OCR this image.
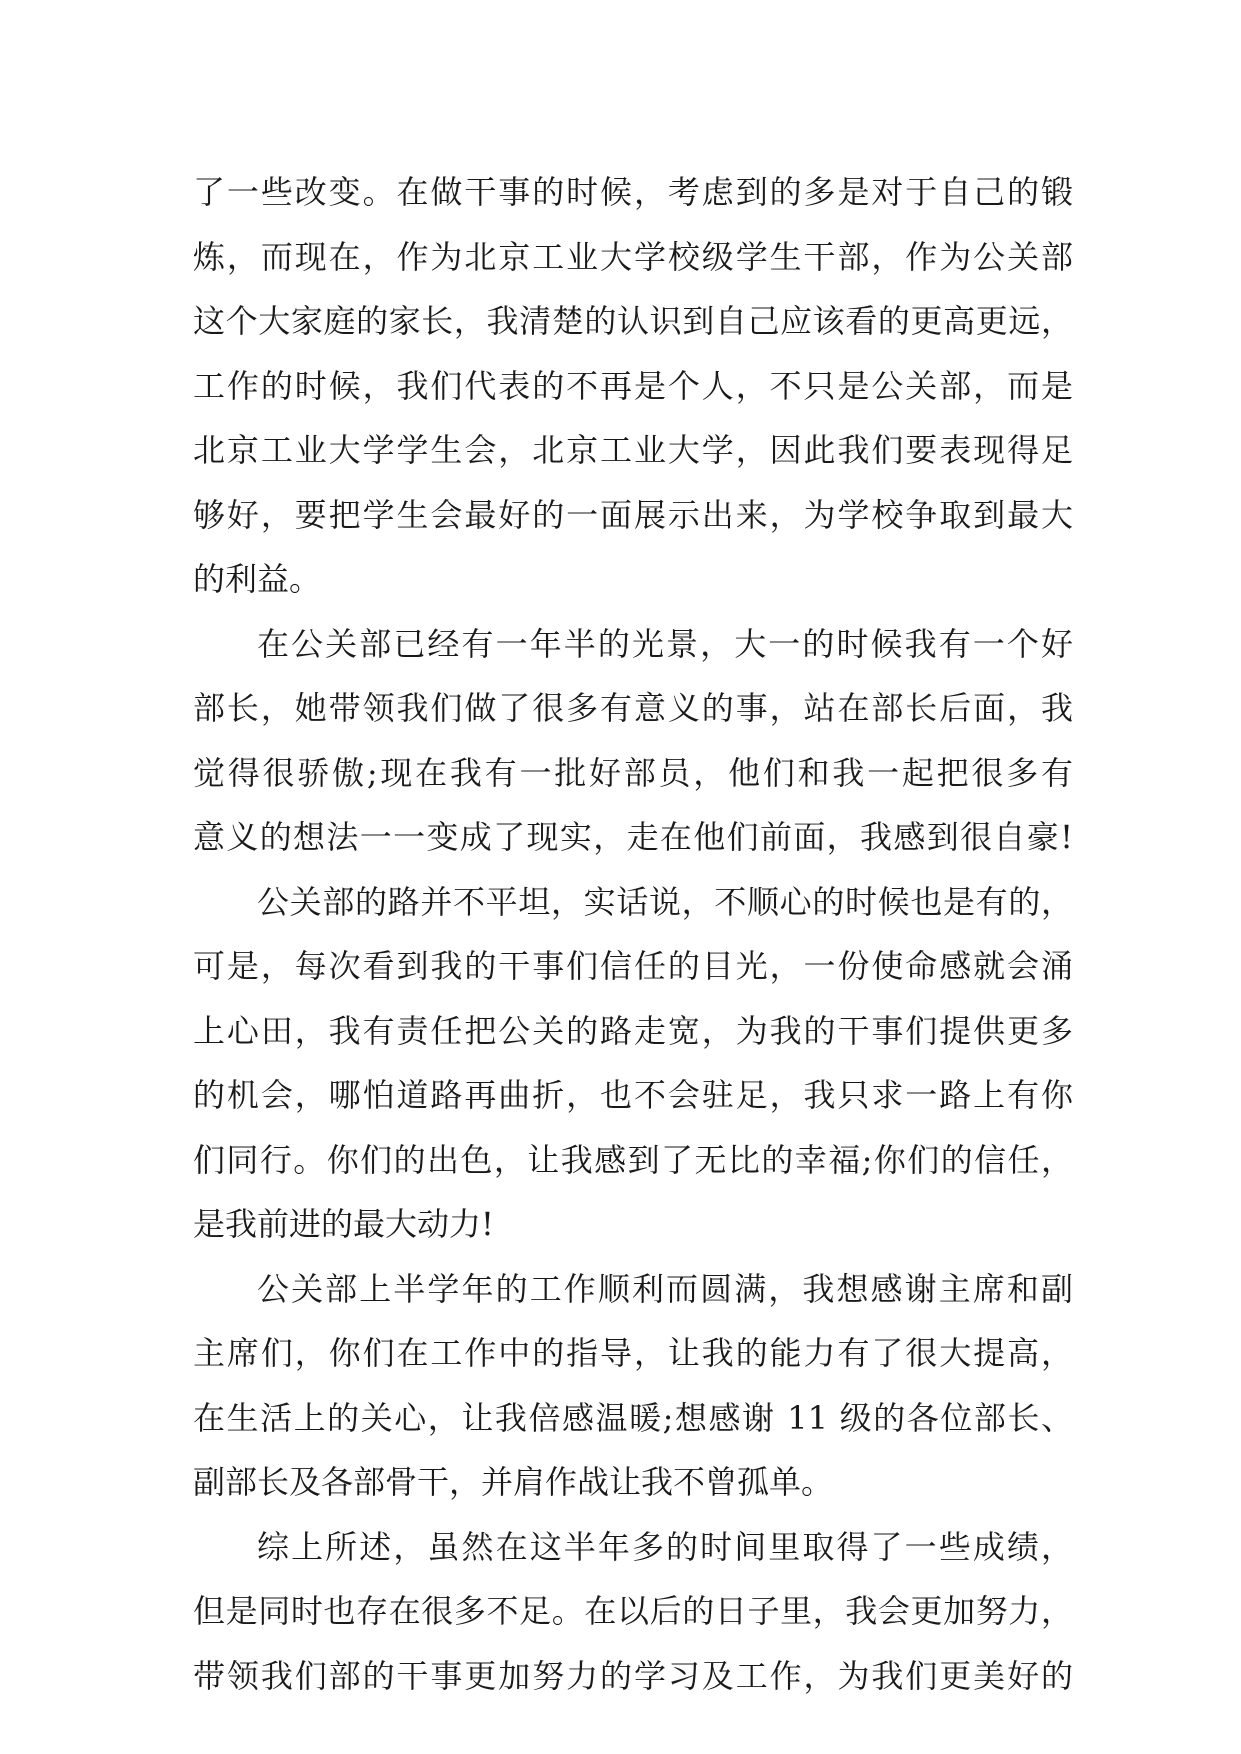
了一些改变。在做干事的时候，考虑到的多是对于自己的锻
炼，而现在，作为北京工业大学校级学生干部，作为公关部
这个大家庭的家长，我清楚的认识到自己应该看的更高更远，
工作的时候，我们代表的不再是个人，不只是公关部，而是
北京工业大学学生会，北京工业大学，因此我们要表现得足
够好，要把学生会最好的一面展示出来，为学校争取到最大
的利益。
在公关部已经有一年半的光景，大一的时候我有一个好
部长，她带领我们做了很多有意义的事，站在部长后面，我
觉得很骄傲;现在我有一批好部员，他们和我一起把很多有
意义的想法一一变成了现实，走在他们前面，我感到很自豪!
公关部的路并不平坦，实话说，不顺心的时候也是有的，
可是，每次看到我的干事们信任的目光，一份使命感就会涌
上心田，我有责任把公关的路走宽，为我的干事们提供更多
的机会，哪怕道路再曲折，也不会驻足，我只求一路上有你
们同行。你们的出色，让我感到了无比的幸福;你们的信任，
是我前进的最大动力!
公关部上半学年的工作顺利而圆满，我想感谢主席和副
主席们，你们在工作中的指导，让我的能力有了很大提高，
在生活上的关心，让我倍感温暖;想感谢 11 级的各位部长、
副部长及各部骨干，并肩作战让我不曾孤单。
综上所述，虽然在这半年多的时间里取得了一些成绩，
但是同时也存在很多不足。在以后的日子里，我会更加努力，
带领我们部的干事更加努力的学习及工作，为我们更美好的
